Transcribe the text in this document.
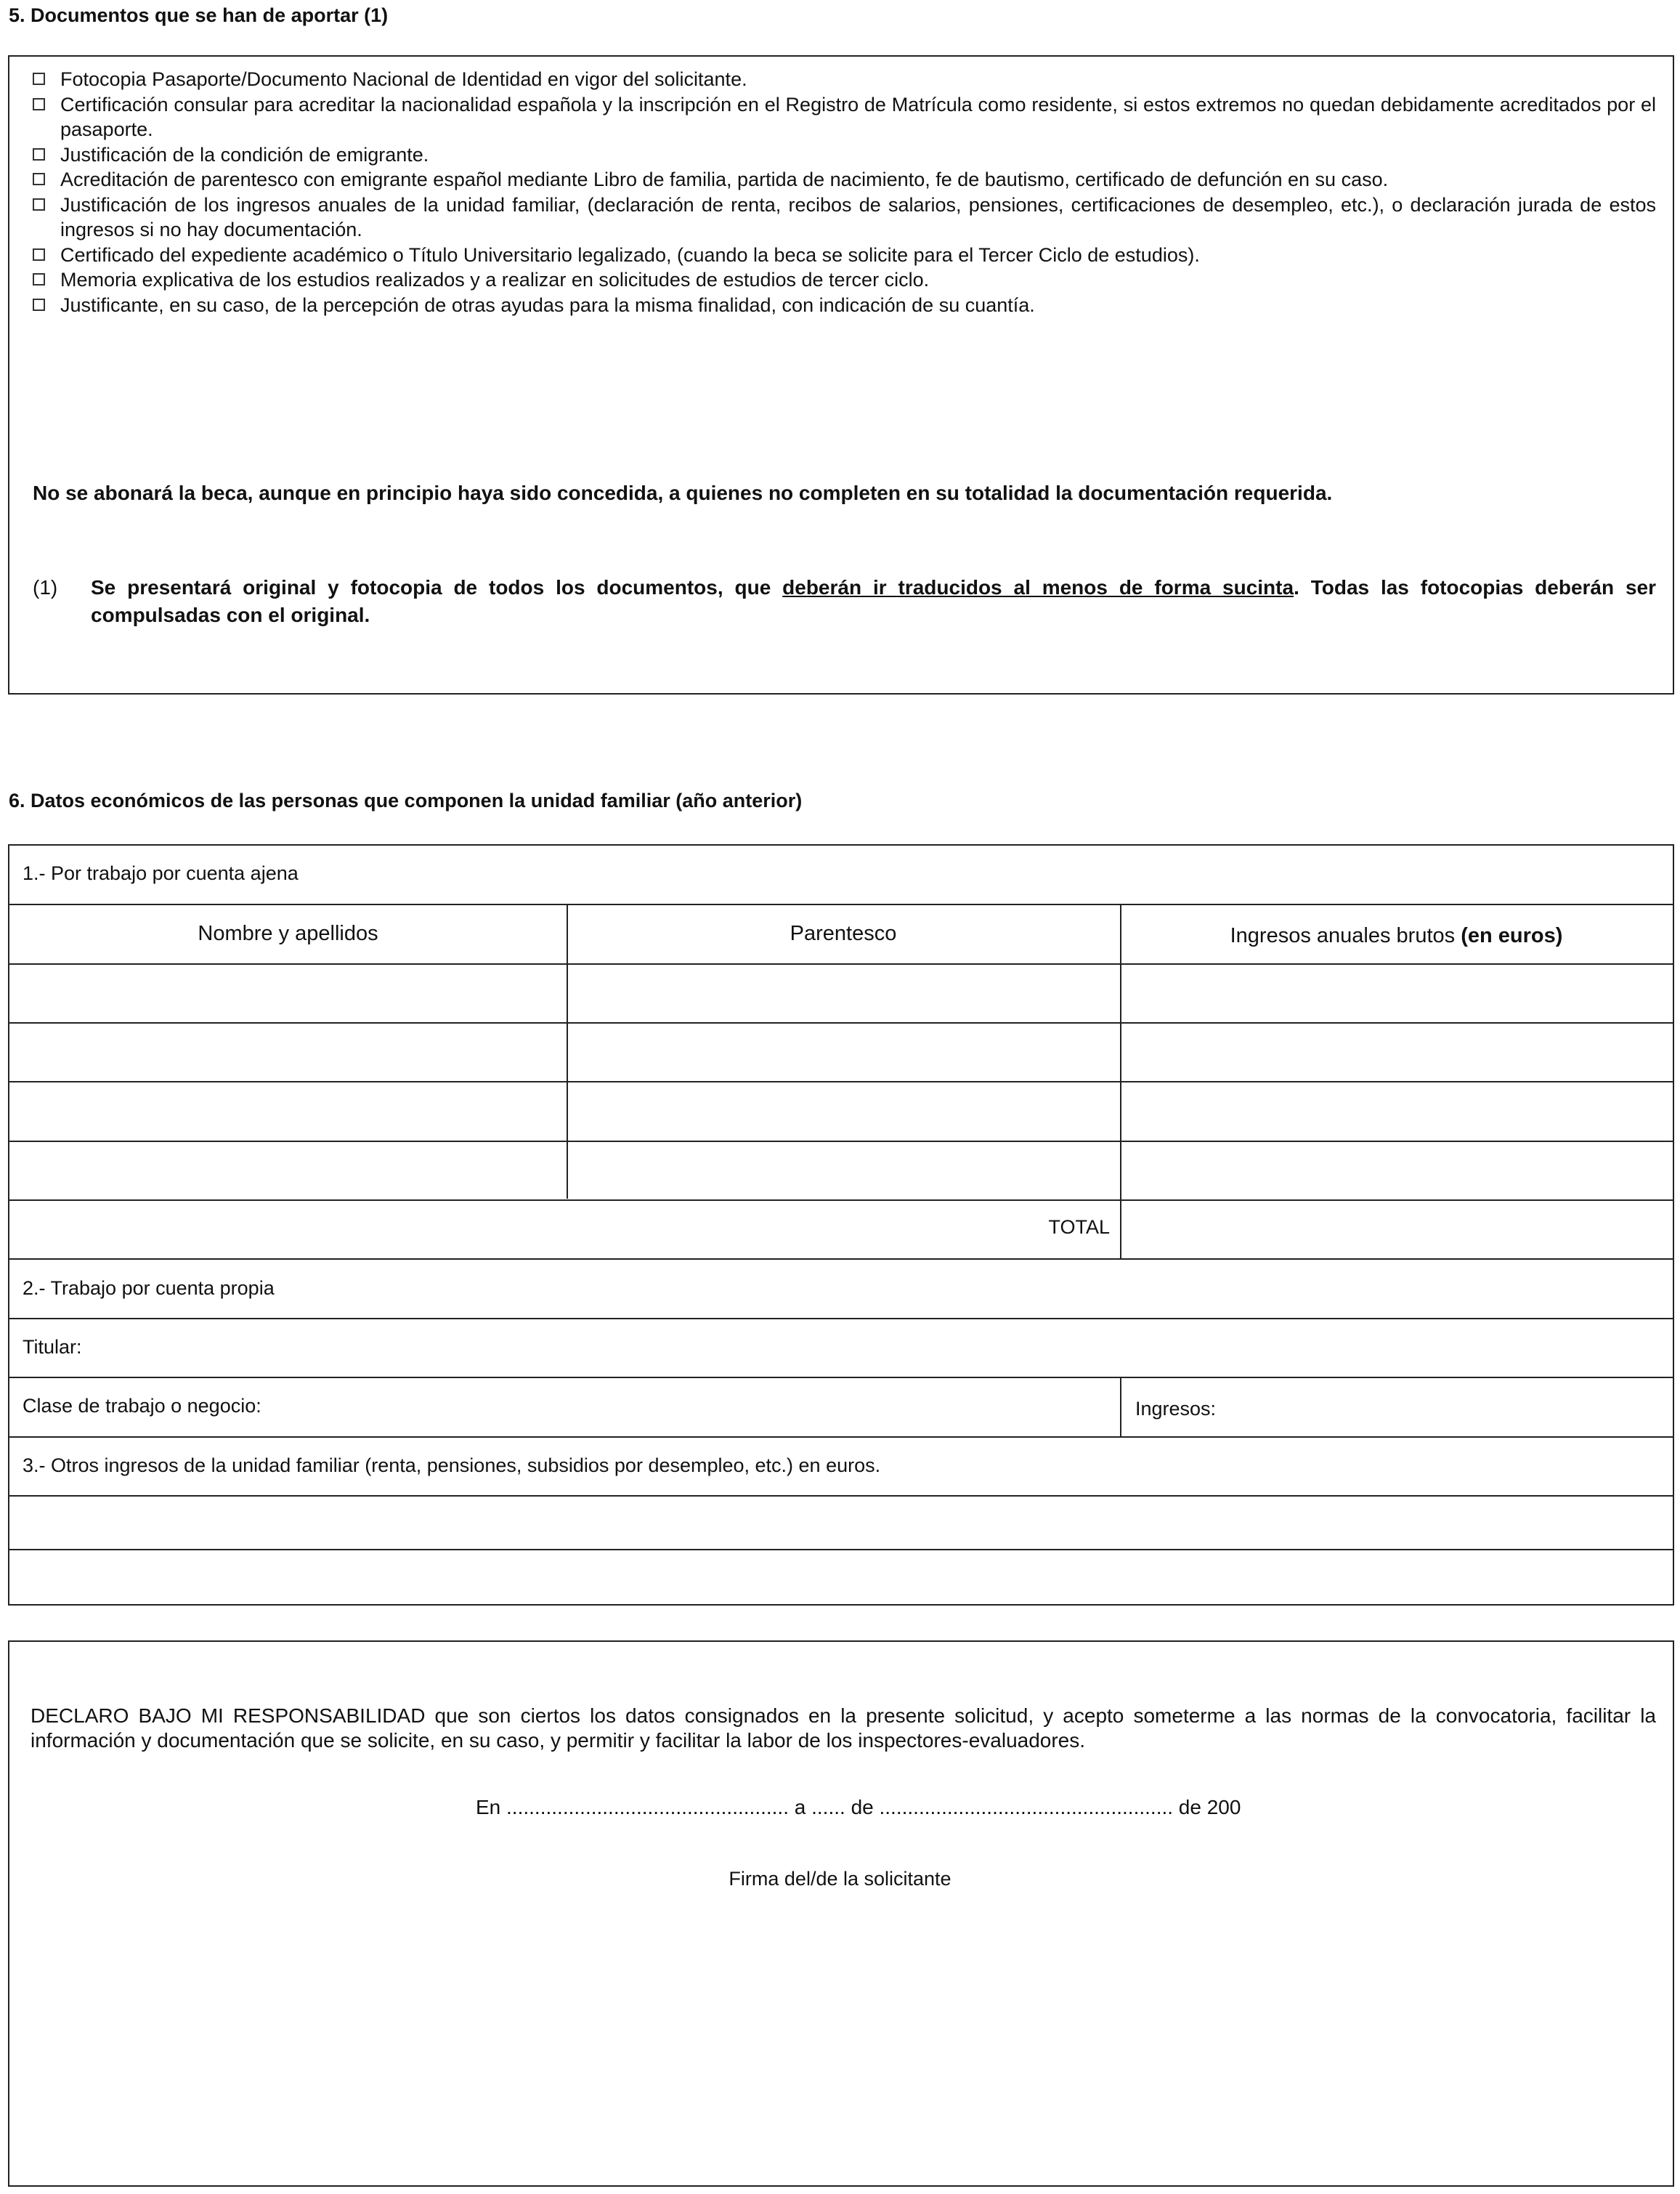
5. Documentos que se han de aportar (1)
Fotocopia Pasaporte/Documento Nacional de Identidad en vigor del solicitante.
Certificación consular para acreditar la nacionalidad española y la inscripción en el Registro de Matrícula como residente, si estos extremos no quedan debidamente acreditados por el pasaporte.
Justificación de la condición de emigrante.
Acreditación de parentesco con emigrante español mediante Libro de familia, partida de nacimiento, fe de bautismo, certificado de defunción en su caso.
Justificación de los ingresos anuales de la unidad familiar, (declaración de renta, recibos de salarios, pensiones, certificaciones de desempleo, etc.), o declaración jurada de estos ingresos si no hay documentación.
Certificado del expediente académico o Título Universitario legalizado, (cuando la beca se solicite para el Tercer Ciclo de estudios).
Memoria explicativa de los estudios realizados y a realizar en solicitudes de estudios de tercer ciclo.
Justificante, en su caso, de la percepción de otras ayudas para la misma finalidad, con indicación de su cuantía.
No se abonará la beca, aunque en principio haya sido concedida, a quienes no completen en su totalidad la documentación requerida.
(1)	Se presentará original y fotocopia de todos los documentos, que deberán ir traducidos al menos de forma sucinta. Todas las fotocopias deberán ser compulsadas con el original.
6. Datos económicos de las personas que componen la unidad familiar (año anterior)
1.- Por trabajo por cuenta ajena
Nombre y apellidos	Parentesco	Ingresos anuales brutos (en euros)
TOTAL
2.- Trabajo por cuenta propia
Titular:
Clase de trabajo o negocio:	Ingresos:
3.- Otros ingresos de la unidad familiar (renta, pensiones, subsidios por desempleo, etc.) en euros.
DECLARO BAJO MI RESPONSABILIDAD que son ciertos los datos consignados en la presente solicitud, y acepto someterme a las normas de la convocatoria, facilitar la información y documentación que se solicite, en su caso, y permitir y facilitar la labor de los inspectores-evaluadores.
En .................................................. a ...... de .................................................... de 200
Firma del/de la solicitante
